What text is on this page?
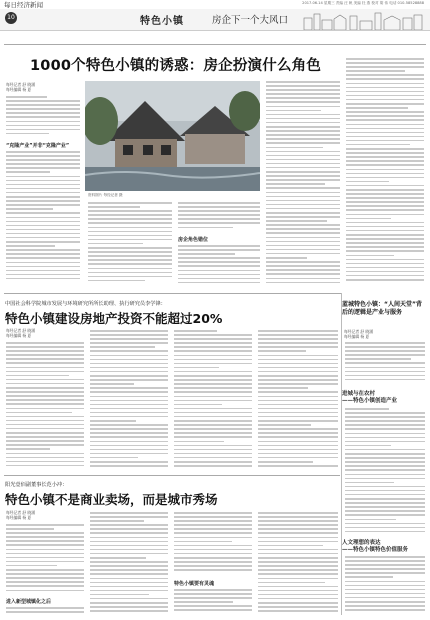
每日经济新闻	2017.06.14 星期三 责编 汪 帆 美编 杜 燕 校对 胡 伟 电话 010-58528888
10	特色小镇	房企下一个大风口
1000个特色小镇的诱惑：房企扮演什么角色
每经记者 舒 晓涵
每经编辑 杨 夏
“克隆产业”并非“克隆产业”
资料图片 每经记者 摄
房企角色错位
中国社会科学院城市发展与环境研究所所长助理、执行研究员李学锋：
特色小镇建设房地产投资不能超过20%
每经记者 舒 晓涵
每经编辑 杨 夏
阳光壹佰副董事长范小冲：
特色小镇不是商业卖场，而是城市秀场
每经记者 舒 晓涵
每经编辑 杨 夏
进入新型城镇化之后
特色小镇要有灵魂
蓝城特色小镇：“人间天堂”背后的逻辑是产业与服务
每经记者 舒 晓涵
每经编辑 杨 夏
进城与在农村
——特色小镇创造产业
人文理想的表达
——特色小镇特色价值服务
